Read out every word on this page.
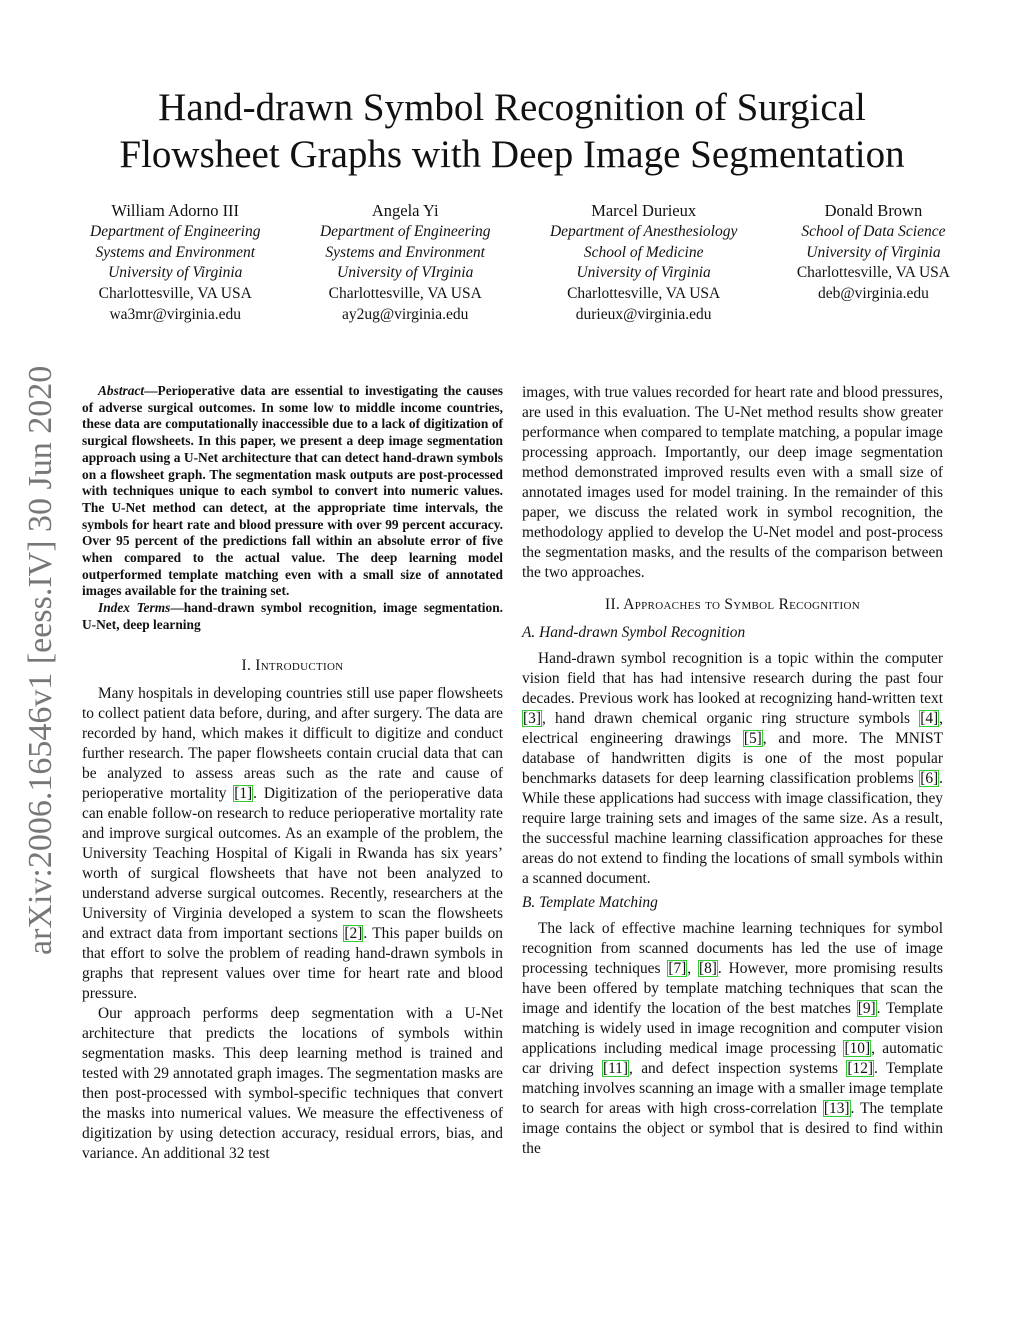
Hand-drawn Symbol Recognition of Surgical
Flowsheet Graphs with Deep Image Segmentation
William Adorno III
Department of Engineering
Systems and Environment
University of Virginia
Charlottesville, VA USA
wa3mr@virginia.edu
Angela Yi
Department of Engineering
Systems and Environment
University of VIrginia
Charlottesville, VA USA
ay2ug@virginia.edu
Marcel Durieux
Department of Anesthesiology
School of Medicine
University of Virginia
Charlottesville, VA USA
durieux@virginia.edu
Donald Brown
School of Data Science
University of Virginia
Charlottesville, VA USA
deb@virginia.edu
arXiv:2006.16546v1 [eess.IV] 30 Jun 2020	Abstract—Perioperative data are essential to investigating the causes of adverse surgical outcomes. In some low to middle income countries, these data are computationally inaccessible due to a lack of digitization of surgical flowsheets. In this paper, we present a deep image segmentation approach using a U-Net architecture that can detect hand-drawn symbols on a flowsheet graph. The segmentation mask outputs are post-processed with techniques unique to each symbol to convert into numeric values. The U-Net method can detect, at the appropriate time intervals, the symbols for heart rate and blood pressure with over 99 percent accuracy. Over 95 percent of the predictions fall within an absolute error of five when compared to the actual value. The deep learning model outperformed template matching even with a small size of annotated images available for the training set.

Index Terms—hand-drawn symbol recognition, image segmentation. U-Net, deep learning

I. Introduction

Many hospitals in developing countries still use paper flowsheets to collect patient data before, during, and after surgery. The data are recorded by hand, which makes it difficult to digitize and conduct further research. The paper flowsheets contain crucial data that can be analyzed to assess areas such as the rate and cause of perioperative mortality [1]. Digitization of the perioperative data can enable follow-on research to reduce perioperative mortality rate and improve surgical outcomes. As an example of the problem, the University Teaching Hospital of Kigali in Rwanda has six years’ worth of surgical flowsheets that have not been analyzed to understand adverse surgical outcomes. Recently, researchers at the University of Virginia developed a system to scan the flowsheets and extract data from important sections [2]. This paper builds on that effort to solve the problem of reading hand-drawn symbols in graphs that represent values over time for heart rate and blood pressure.

Our approach performs deep segmentation with a U-Net architecture that predicts the locations of symbols within segmentation masks. This deep learning method is trained and tested with 29 annotated graph images. The segmentation masks are then post-processed with symbol-specific techniques that convert the masks into numerical values. We measure the effectiveness of digitization by using detection accuracy, residual errors, bias, and variance. An additional 32 test

images, with true values recorded for heart rate and blood pressures, are used in this evaluation. The U-Net method results show greater performance when compared to template matching, a popular image processing approach. Importantly, our deep image segmentation method demonstrated improved results even with a small size of annotated images used for model training. In the remainder of this paper, we discuss the related work in symbol recognition, the methodology applied to develop the U-Net model and post-process the segmentation masks, and the results of the comparison between the two approaches.

II. Approaches to Symbol Recognition
A. Hand-drawn Symbol Recognition

Hand-drawn symbol recognition is a topic within the computer vision field that has had intensive research during the past four decades. Previous work has looked at recognizing hand-written text [3], hand drawn chemical organic ring structure symbols [4], electrical engineering drawings [5], and more. The MNIST database of handwritten digits is one of the most popular benchmarks datasets for deep learning classification problems [6]. While these applications had success with image classification, they require large training sets and images of the same size. As a result, the successful machine learning classification approaches for these areas do not extend to finding the locations of small symbols within a scanned document.

B. Template Matching

The lack of effective machine learning techniques for symbol recognition from scanned documents has led the use of image processing techniques [7], [8]. However, more promising results have been offered by template matching techniques that scan the image and identify the location of the best matches [9]. Template matching is widely used in image recognition and computer vision applications including medical image processing [10], automatic car driving [11], and defect inspection systems [12]. Template matching involves scanning an image with a smaller image template to search for areas with high cross-correlation [13]. The template image contains the object or symbol that is desired to find within the
